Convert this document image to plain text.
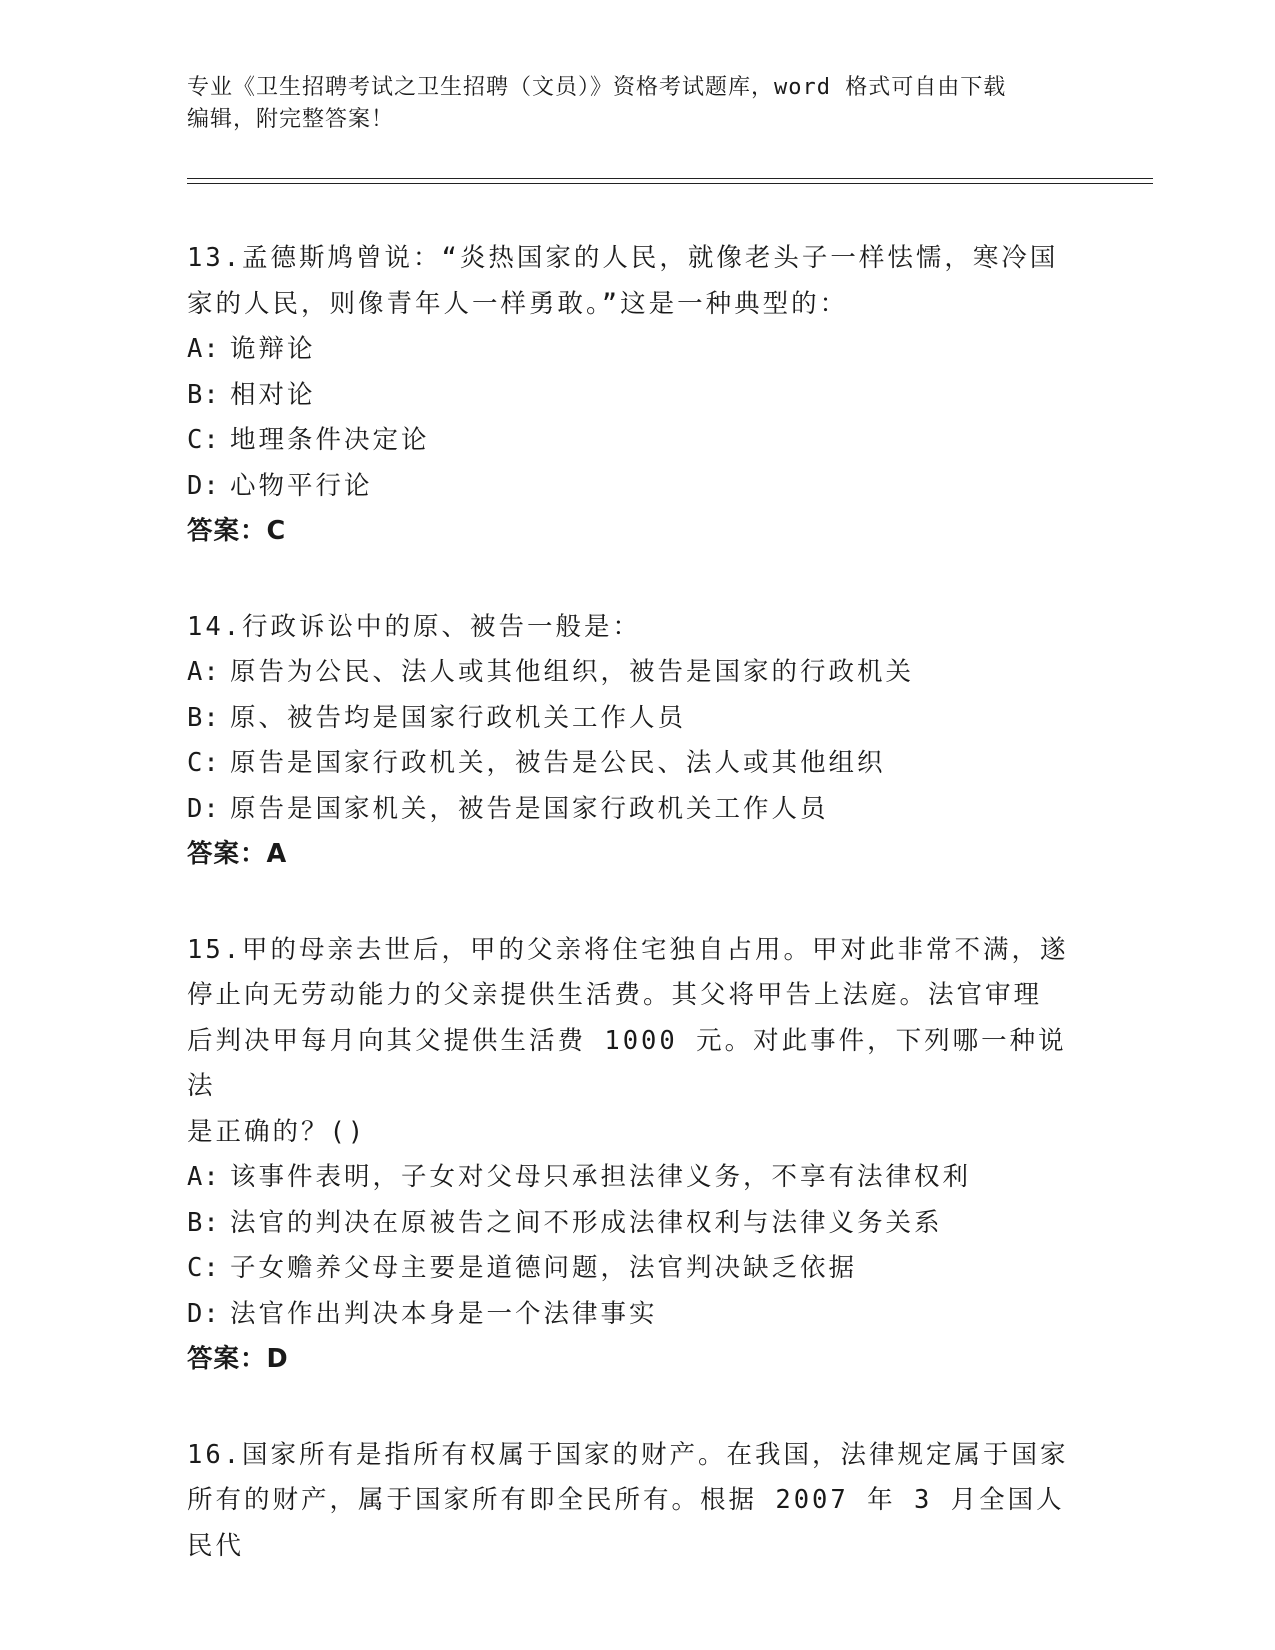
专业《卫生招聘考试之卫生招聘（文员）》资格考试题库，word 格式可自由下载

编辑，附完整答案！

13.孟德斯鸠曾说：“炎热国家的人民，就像老头子一样怯懦，寒冷国

家的人民，则像青年人一样勇敢。”这是一种典型的：

A: 诡辩论

B: 相对论

C: 地理条件决定论

D: 心物平行论

答案：C

14.行政诉讼中的原、被告一般是：

A: 原告为公民、法人或其他组织，被告是国家的行政机关

B: 原、被告均是国家行政机关工作人员

C: 原告是国家行政机关，被告是公民、法人或其他组织

D: 原告是国家机关，被告是国家行政机关工作人员

答案：A

15.甲的母亲去世后，甲的父亲将住宅独自占用。甲对此非常不满，遂

停止向无劳动能力的父亲提供生活费。其父将甲告上法庭。法官审理

后判决甲每月向其父提供生活费 1000 元。对此事件，下列哪一种说法

是正确的？()

A: 该事件表明，子女对父母只承担法律义务，不享有法律权利

B: 法官的判决在原被告之间不形成法律权利与法律义务关系

C: 子女赡养父母主要是道德问题，法官判决缺乏依据

D: 法官作出判决本身是一个法律事实

答案：D

16.国家所有是指所有权属于国家的财产。在我国，法律规定属于国家

所有的财产，属于国家所有即全民所有。根据 2007 年 3 月全国人民代
